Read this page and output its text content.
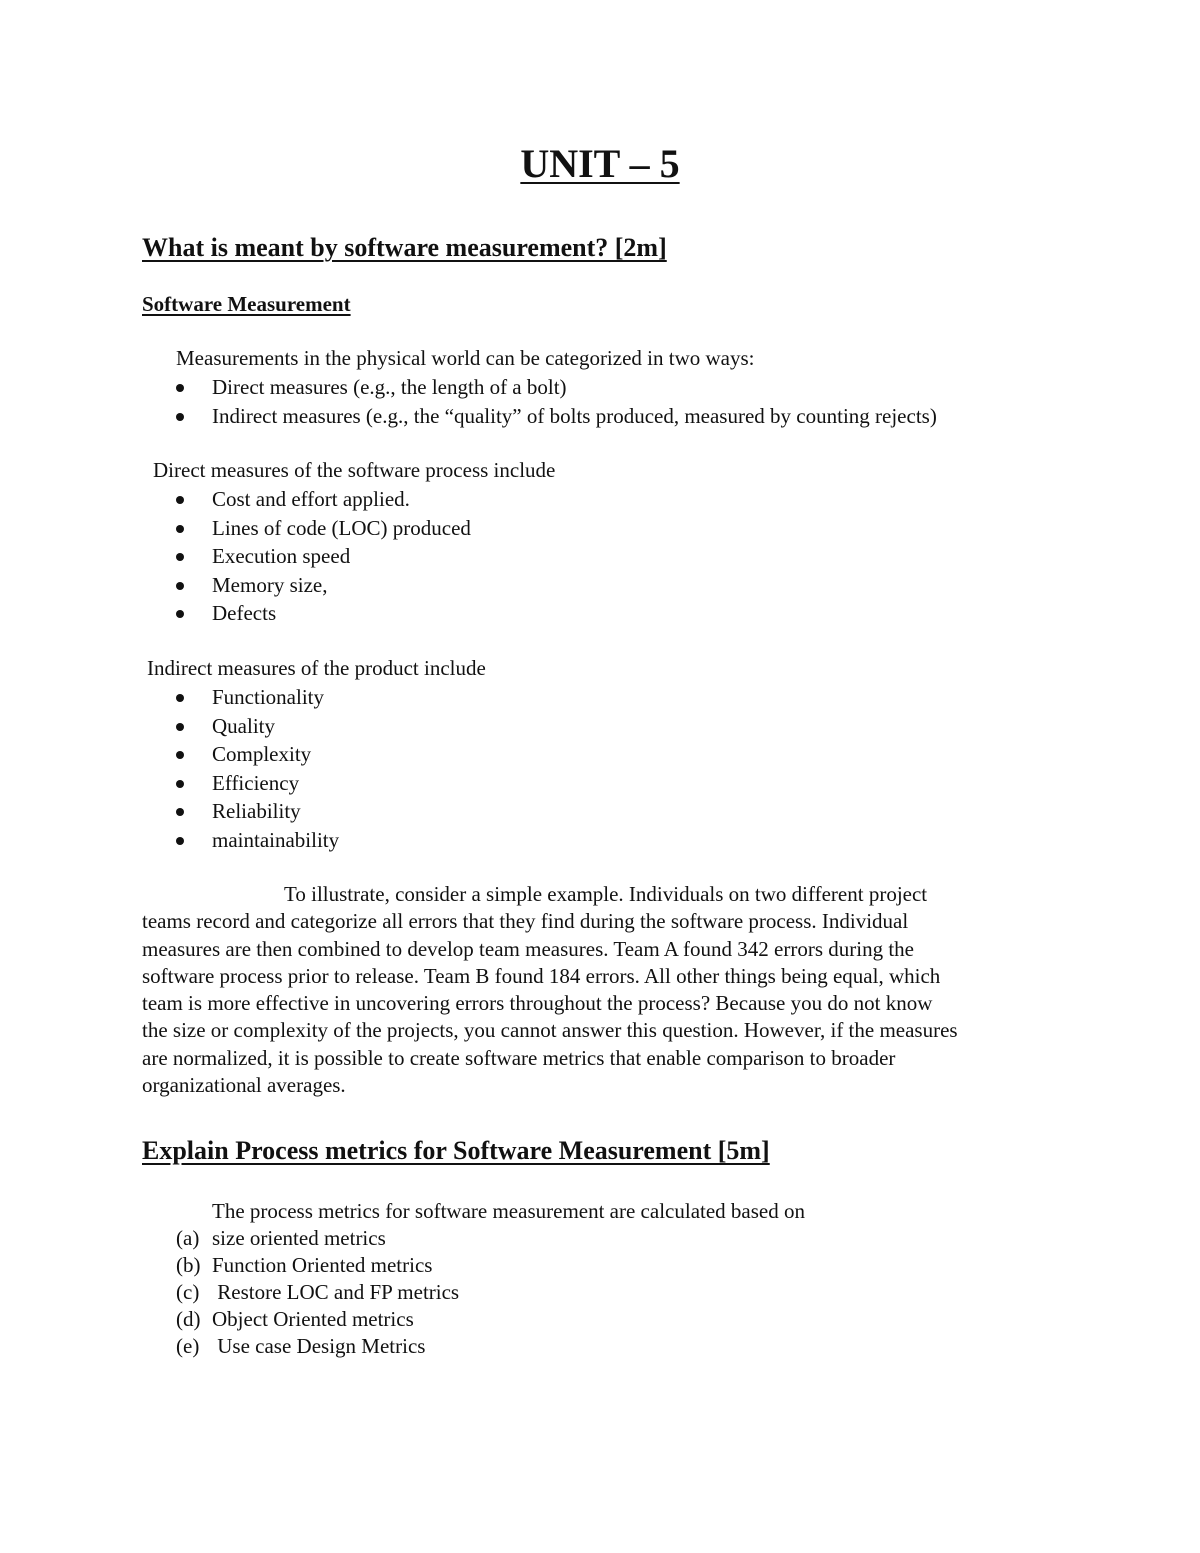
UNIT – 5
What is meant by software measurement? [2m]
Software Measurement
Measurements in the physical world can be categorized in two ways:
Direct measures (e.g., the length of a bolt)
Indirect measures (e.g., the “quality” of bolts produced, measured by counting rejects)
Direct measures of the software process include
Cost and effort applied.
Lines of code (LOC) produced
Execution speed
Memory size,
Defects
Indirect measures of the product include
Functionality
Quality
Complexity
Efficiency
Reliability
maintainability
To illustrate, consider a simple example. Individuals on two different project
teams record and categorize all errors that they find during the software process. Individual
measures are then combined to develop team measures. Team A found 342 errors during the
software process prior to release. Team B found 184 errors. All other things being equal, which
team is more effective in uncovering errors throughout the process? Because you do not know
the size or complexity of the projects, you cannot answer this question. However, if the measures
are normalized, it is possible to create software metrics that enable comparison to broader
organizational averages.
Explain Process metrics for Software Measurement [5m]
The process metrics for software measurement are calculated based on
(a) size oriented metrics
(b) Function Oriented metrics
(c) Restore LOC and FP metrics
(d) Object Oriented metrics
(e) Use case Design Metrics
